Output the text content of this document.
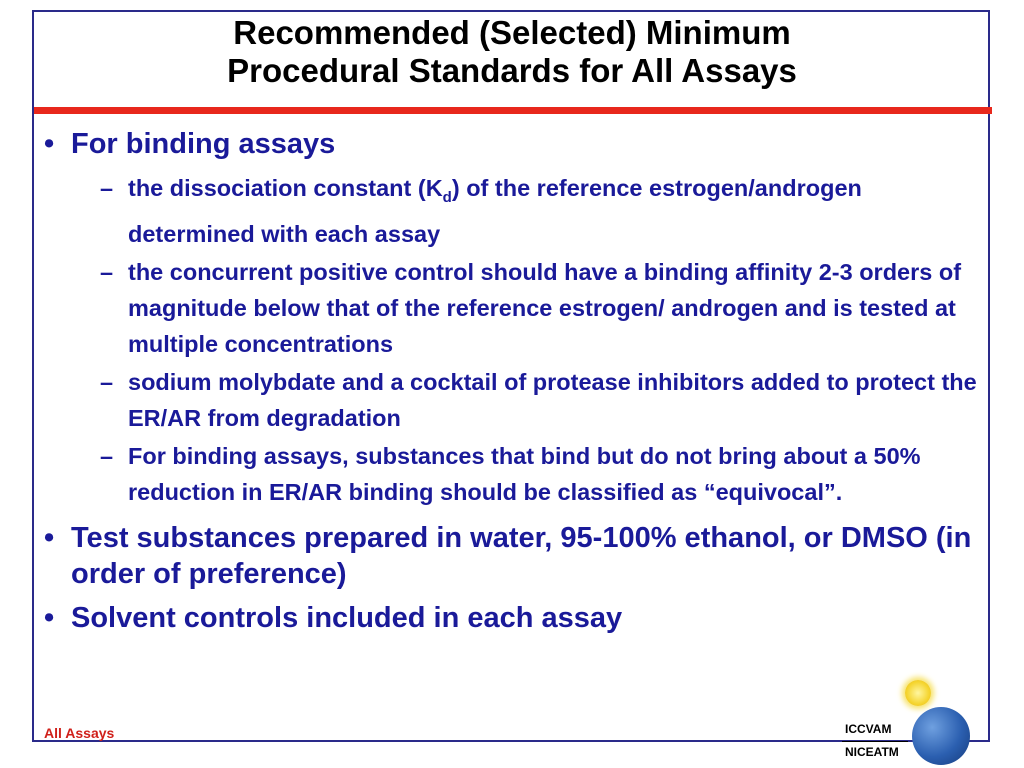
Recommended (Selected) Minimum
Procedural Standards for All Assays
• For binding assays
– the dissociation constant $(K_d)$ of the reference estrogen/androgen determined with each assay
– the concurrent positive control should have a binding affinity 2-3 orders of magnitude below that of the reference estrogen/ androgen and is tested at multiple concentrations
– sodium molybdate and a cocktail of protease inhibitors added to protect the ER/AR from degradation
– For binding assays, substances that bind but do not bring about a 50% reduction in ER/AR binding should be classified as “equivocal”.
• Test substances prepared in water, 95-100% ethanol, or DMSO (in order of preference)
• Solvent controls included in each assay
All Assays	ICCVAM
NICEATM
